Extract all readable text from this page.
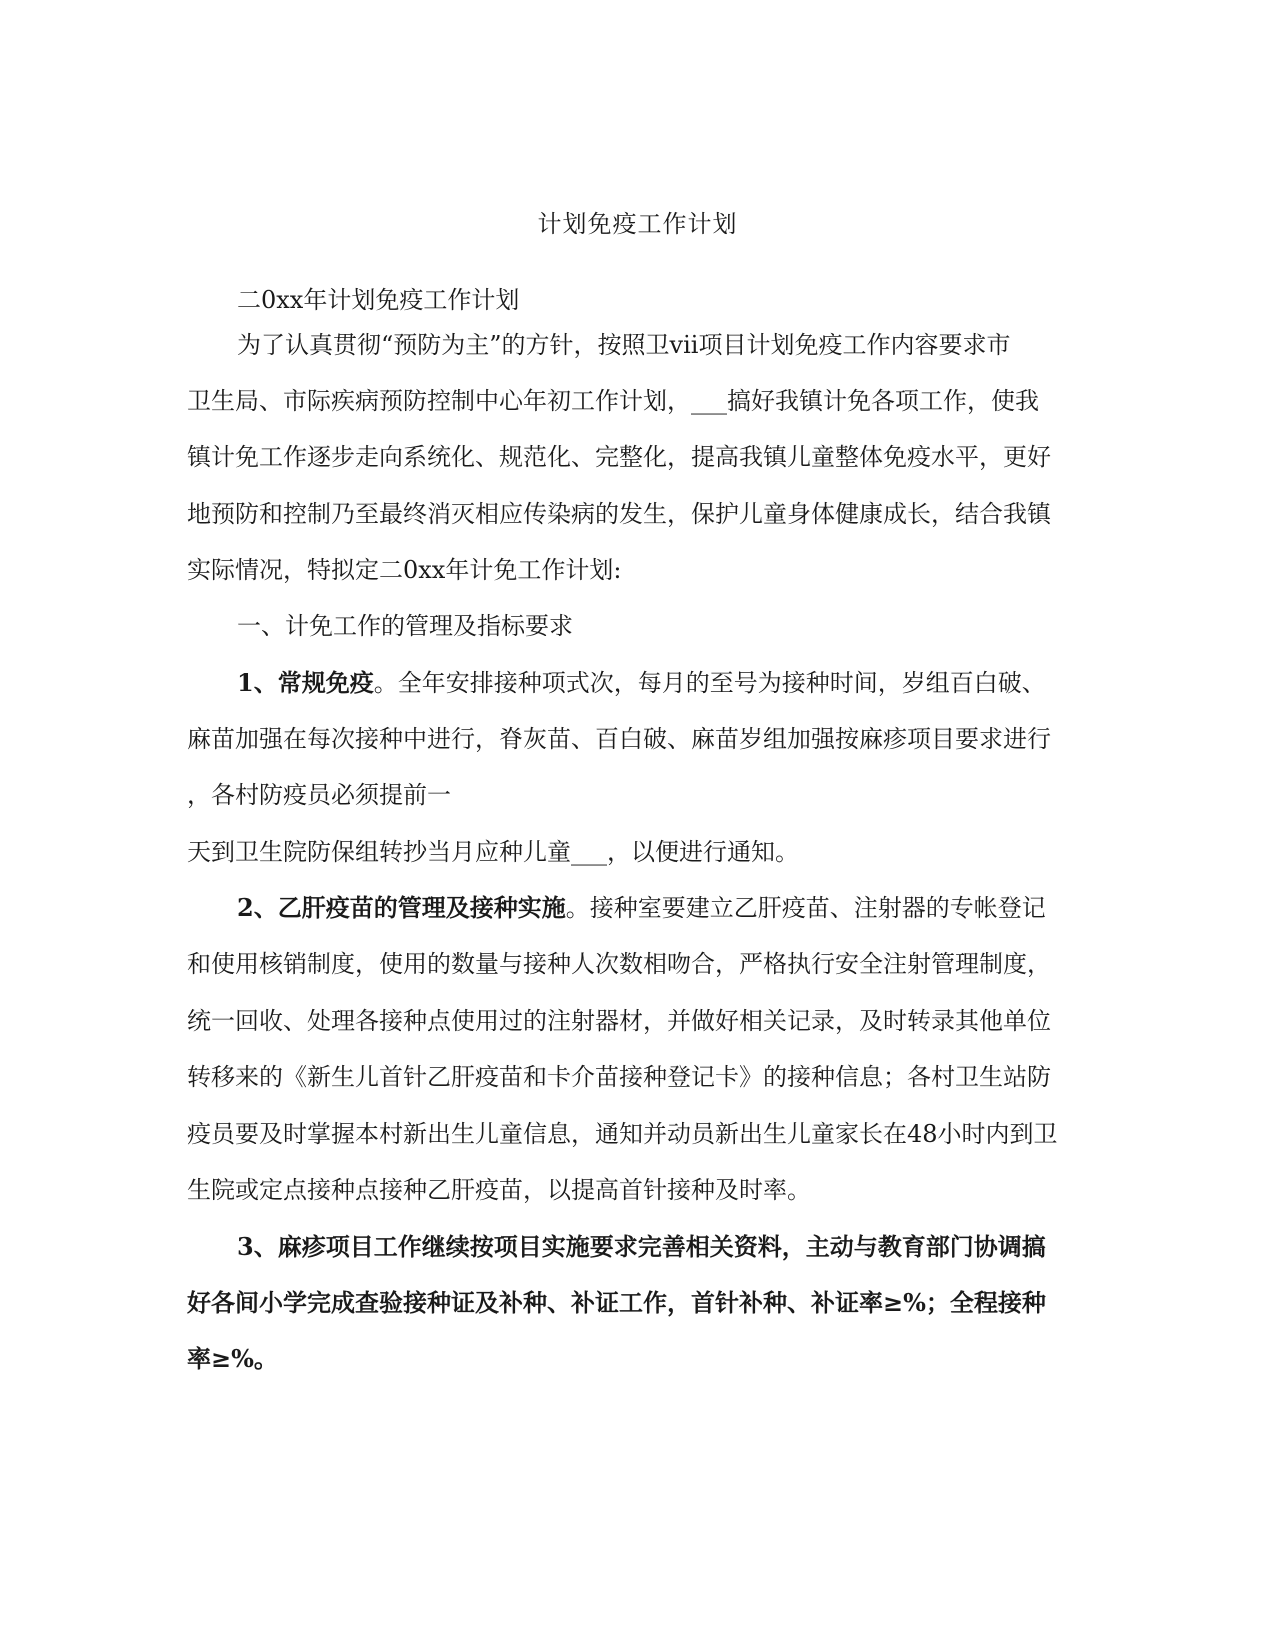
计划免疫工作计划
二0xx年计划免疫工作计划
为了认真贯彻“预防为主”的方针，按照卫vii项目计划免疫工作内容要求市
卫生局、市际疾病预防控制中心年初工作计划，___搞好我镇计免各项工作，使我
镇计免工作逐步走向系统化、规范化、完整化，提高我镇儿童整体免疫水平，更好
地预防和控制乃至最终消灭相应传染病的发生，保护儿童身体健康成长，结合我镇
实际情况，特拟定二0xx年计免工作计划:
一、计免工作的管理及指标要求
1、常规免疫。全年安排接种项式次，每月的至号为接种时间，岁组百白破、
麻苗加强在每次接种中进行，脊灰苗、百白破、麻苗岁组加强按麻疹项目要求进行
，各村防疫员必须提前一
天到卫生院防保组转抄当月应种儿童___，以便进行通知。
2、乙肝疫苗的管理及接种实施。接种室要建立乙肝疫苗、注射器的专帐登记
和使用核销制度，使用的数量与接种人次数相吻合，严格执行安全注射管理制度，
统一回收、处理各接种点使用过的注射器材，并做好相关记录，及时转录其他单位
转移来的《新生儿首针乙肝疫苗和卡介苗接种登记卡》的接种信息；各村卫生站防
疫员要及时掌握本村新出生儿童信息，通知并动员新出生儿童家长在48小时内到卫
生院或定点接种点接种乙肝疫苗，以提高首针接种及时率。
3、麻疹项目工作继续按项目实施要求完善相关资料，主动与教育部门协调搞
好各间小学完成查验接种证及补种、补证工作，首针补种、补证率≥%；全程接种
率≥%。
